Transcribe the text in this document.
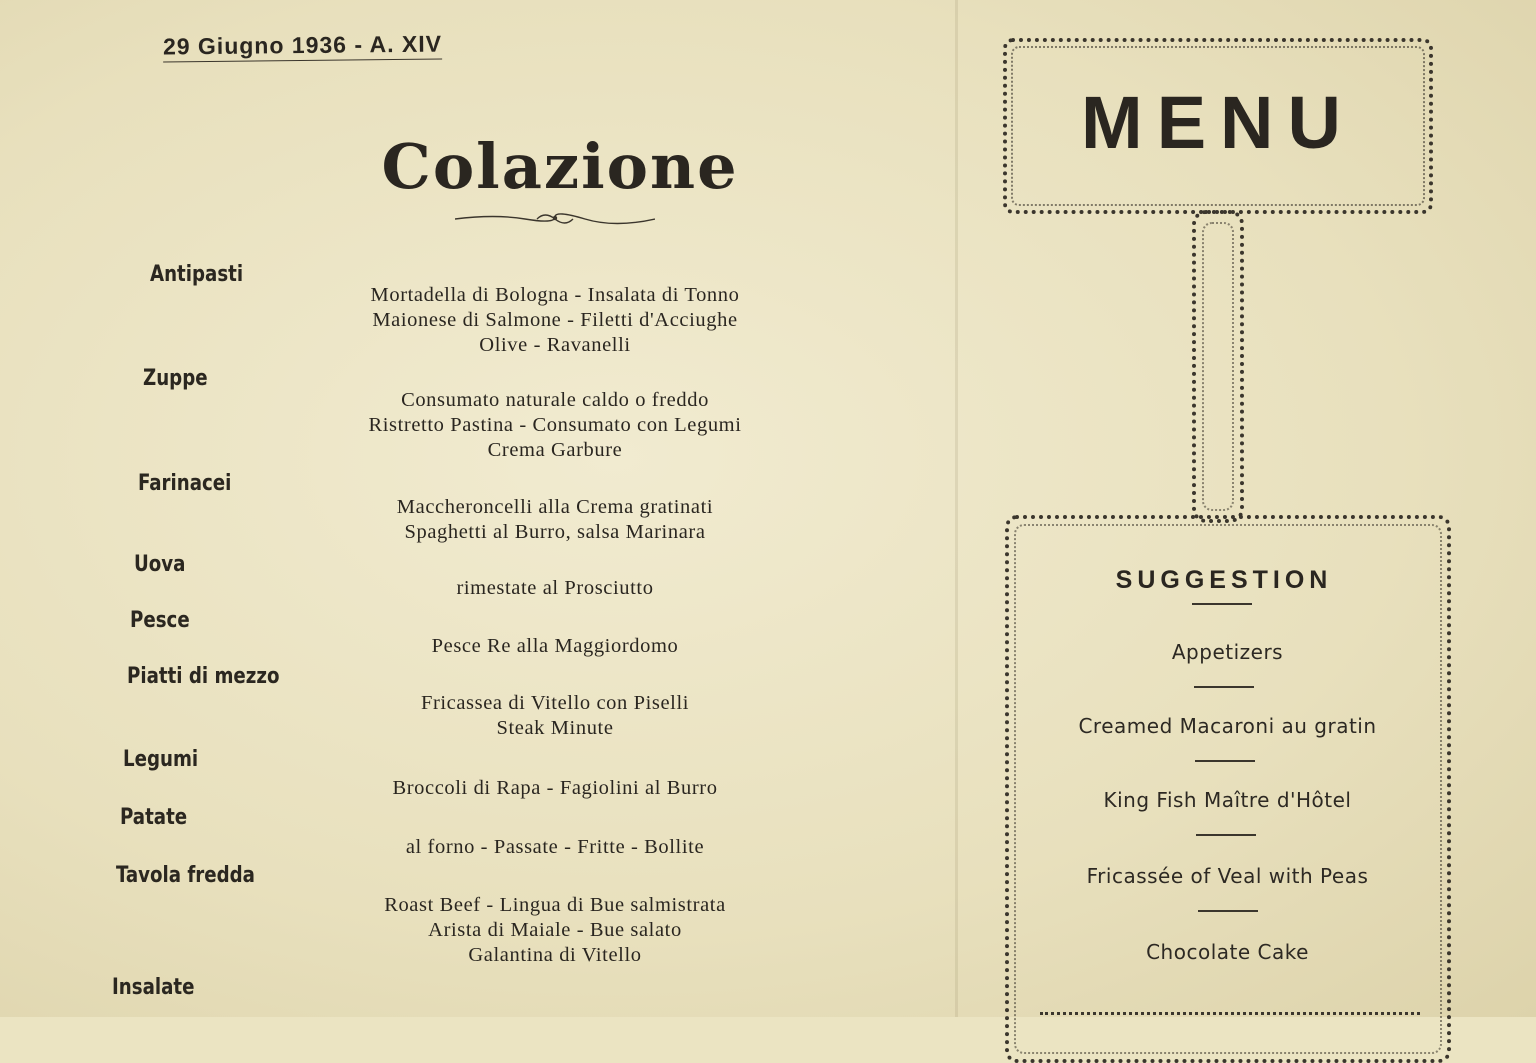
29 Giugno 1936 - A. XIV
Colazione
Antipasti
Mortadella di Bologna - Insalata di Tonno
Maionese di Salmone - Filetti d'Acciughe
Olive - Ravanelli
Zuppe
Consumato naturale caldo o freddo
Ristretto Pastina - Consumato con Legumi
Crema Garbure
Farinacei
Maccheroncelli alla Crema gratinati
Spaghetti al Burro, salsa Marinara
Uova
rimestate al Prosciutto
Pesce
Pesce Re alla Maggiordomo
Piatti di mezzo
Fricassea di Vitello con Piselli
Steak Minute
Legumi
Broccoli di Rapa - Fagiolini al Burro
Patate
al forno - Passate - Fritte - Bollite
Tavola fredda
Roast Beef - Lingua di Bue salmistrata
Arista di Maiale - Bue salato
Galantina di Vitello
Insalate
MENU
SUGGESTION
Appetizers
Creamed Macaroni au gratin
King Fish Maître d'Hôtel
Fricassée of Veal with Peas
Chocolate Cake
